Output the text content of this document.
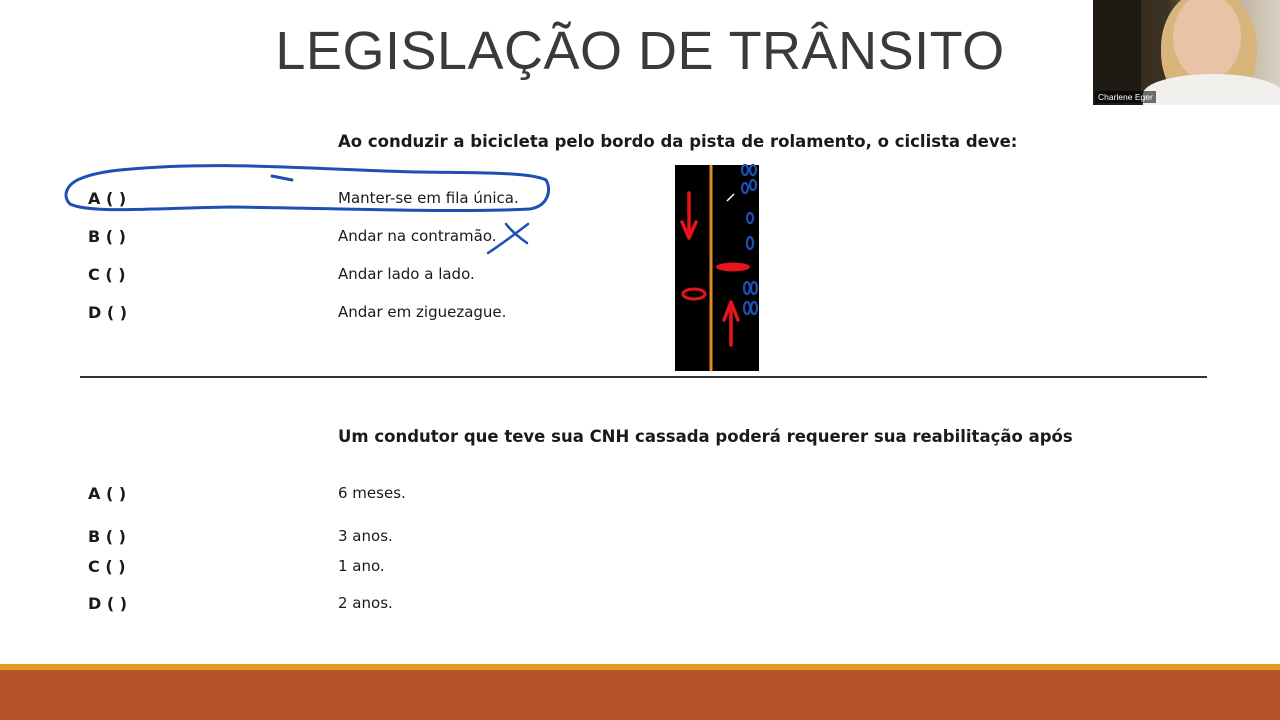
LEGISLAÇÃO DE TRÂNSITO
Ao conduzir a bicicleta pelo bordo da pista de rolamento, o ciclista deve:
A ( )	Manter-se em fila única.
B ( )	Andar na contramão.
C ( )	Andar lado a lado.
D ( )	Andar em ziguezague.
Um condutor que teve sua CNH cassada poderá requerer sua reabilitação após
A ( )	6 meses.
B ( )	3 anos.
C ( )	1 ano.
D ( )	2 anos.
Charlene Eger
